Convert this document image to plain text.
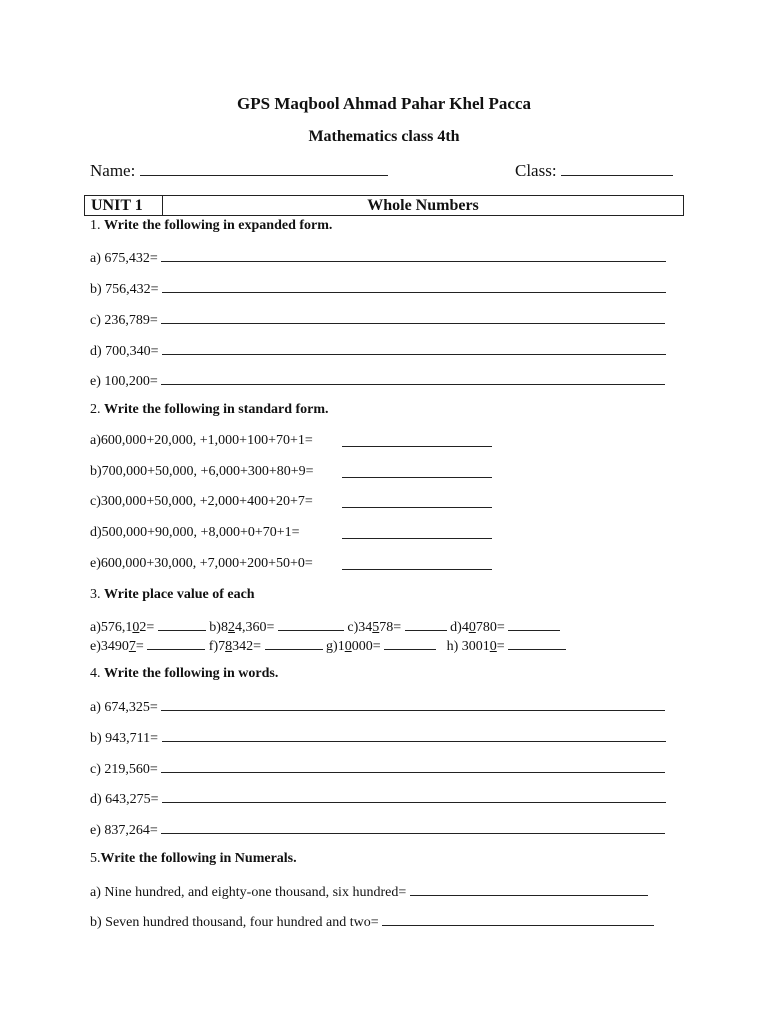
GPS Maqbool Ahmad Pahar Khel Pacca
Mathematics class 4th
Name:	Class:
UNIT 1	Whole Numbers
1. Write the following in expanded form.
a) 675,432=
b) 756,432=
c) 236,789=
d) 700,340=
e) 100,200=
2. Write the following in standard form.
a)600,000+20,000, +1,000+100+70+1=
b)700,000+50,000, +6,000+300+80+9=
c)300,000+50,000, +2,000+400+20+7=
d)500,000+90,000, +8,000+0+70+1=
e)600,000+30,000, +7,000+200+50+0=
3. Write place value of each
a)576,102=	b)824,360=	c)34578=	d)40780=
e)34907=	f)78342=	g)10000=	h) 30010=
4. Write the following in words.
a) 674,325=
b) 943,711=
c) 219,560=
d) 643,275=
e) 837,264=
5.Write the following in Numerals.
a) Nine hundred, and eighty-one thousand, six hundred=
b) Seven hundred thousand, four hundred and two=
